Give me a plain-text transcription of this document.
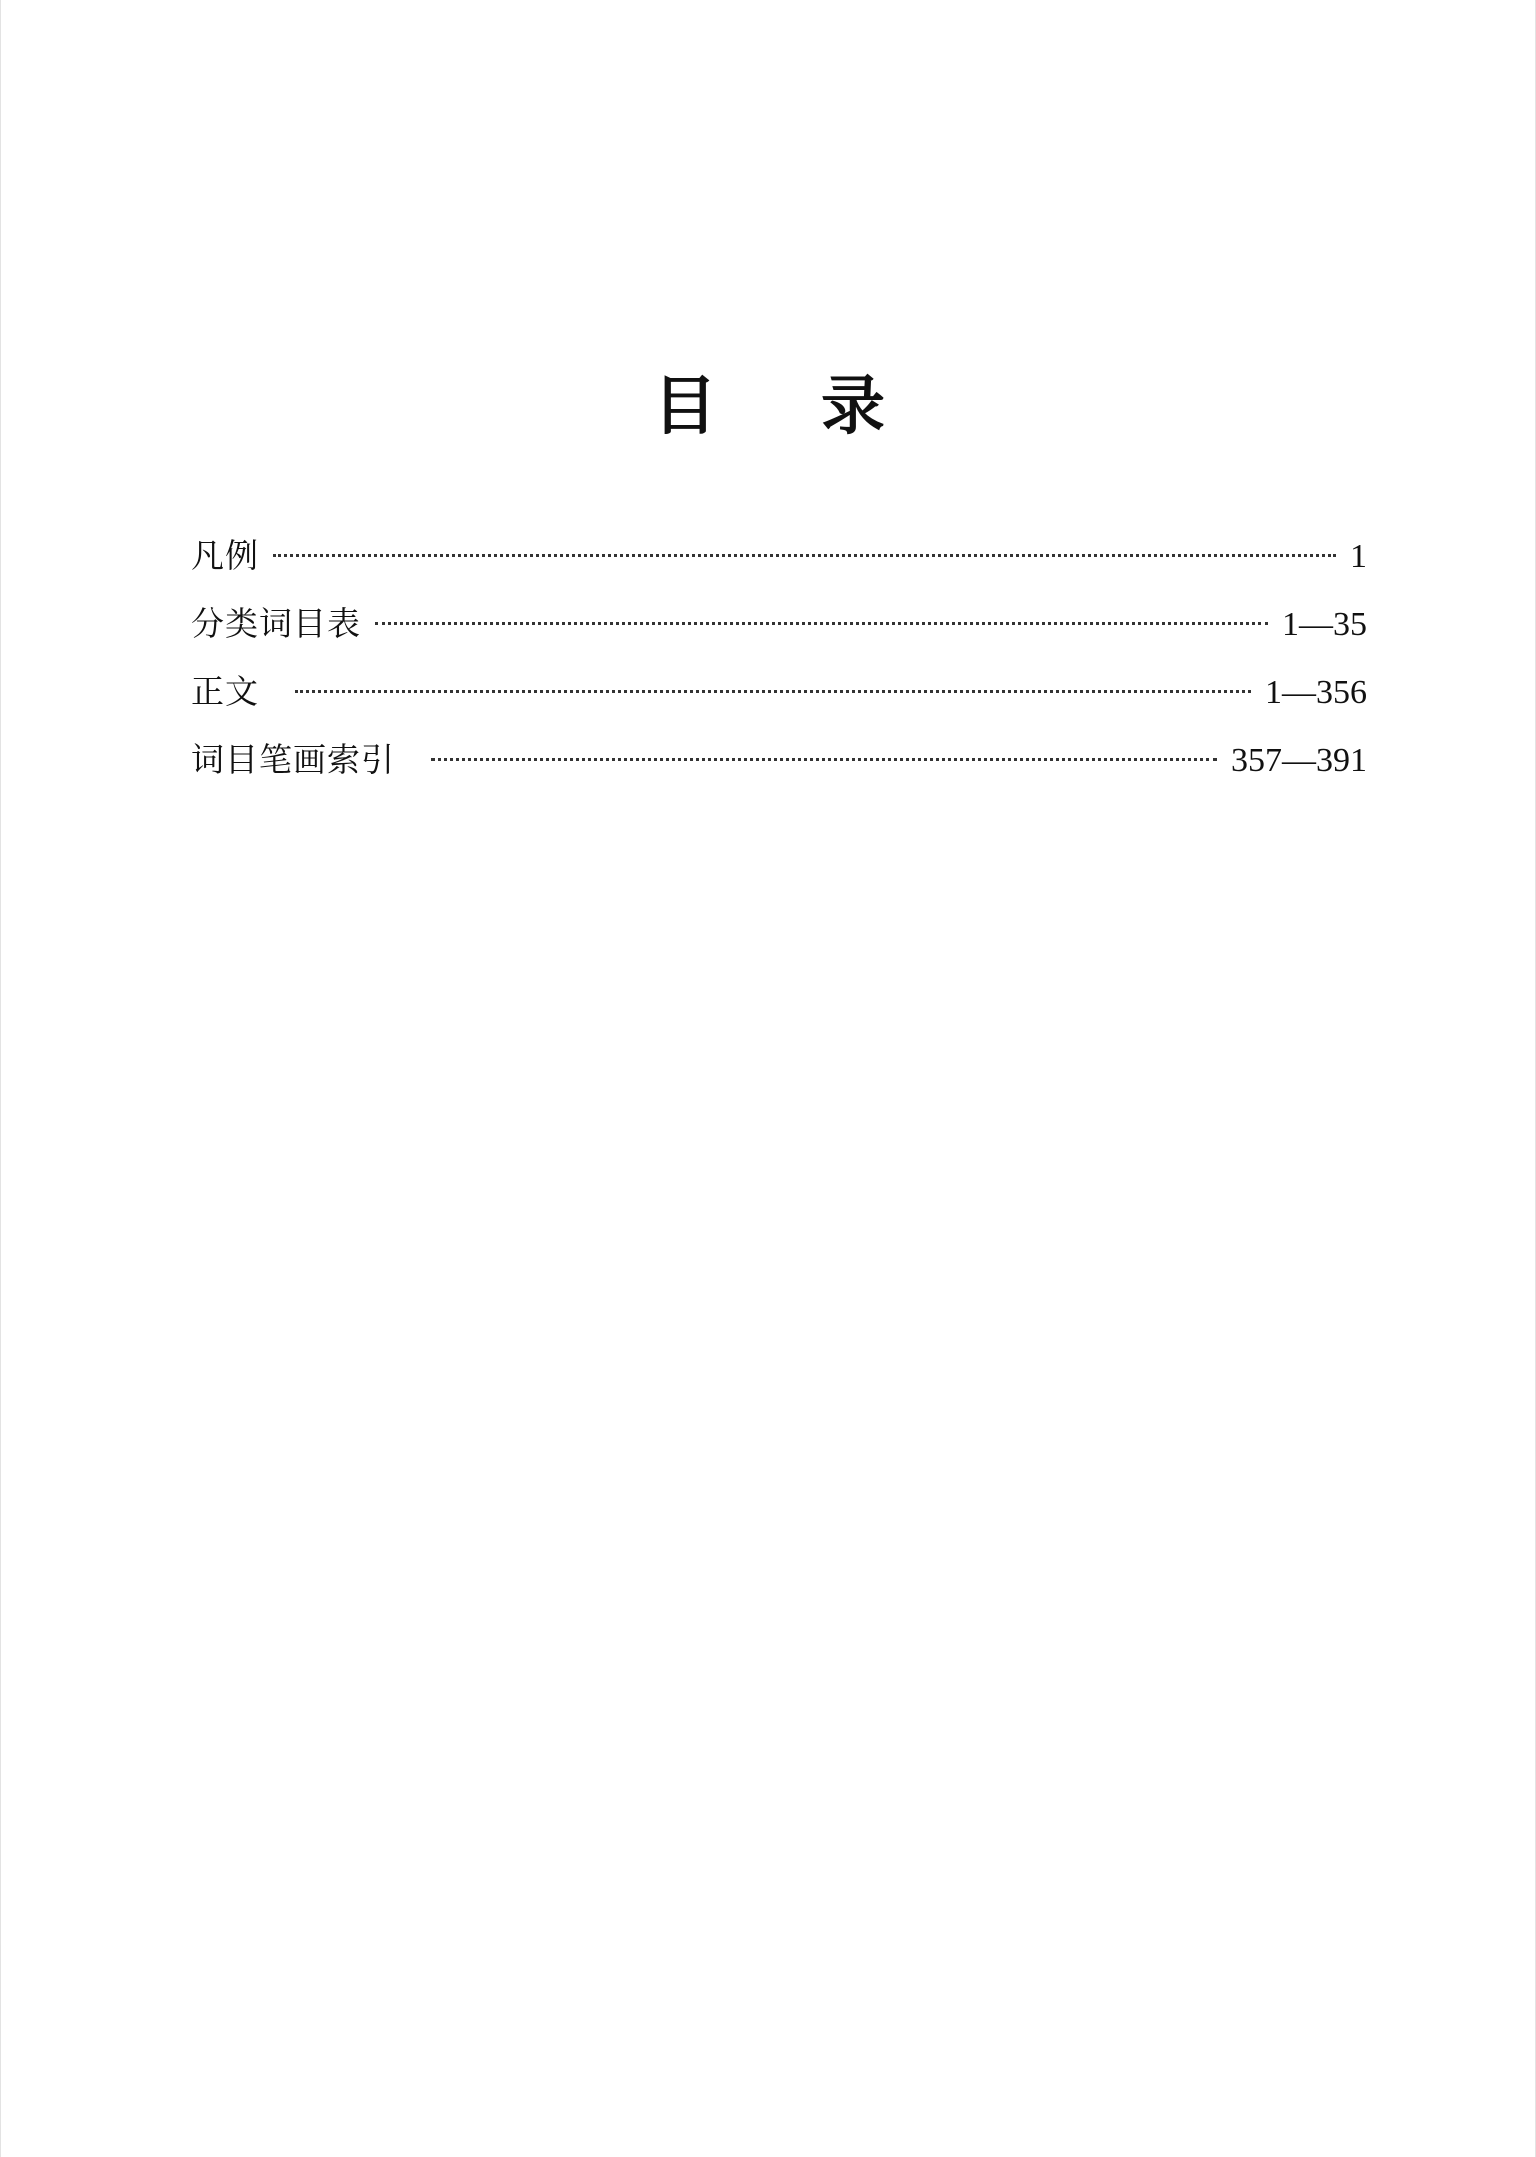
目 录
凡例	1
分类词目表	1—35
正文	1—356
词目笔画索引	357—391
